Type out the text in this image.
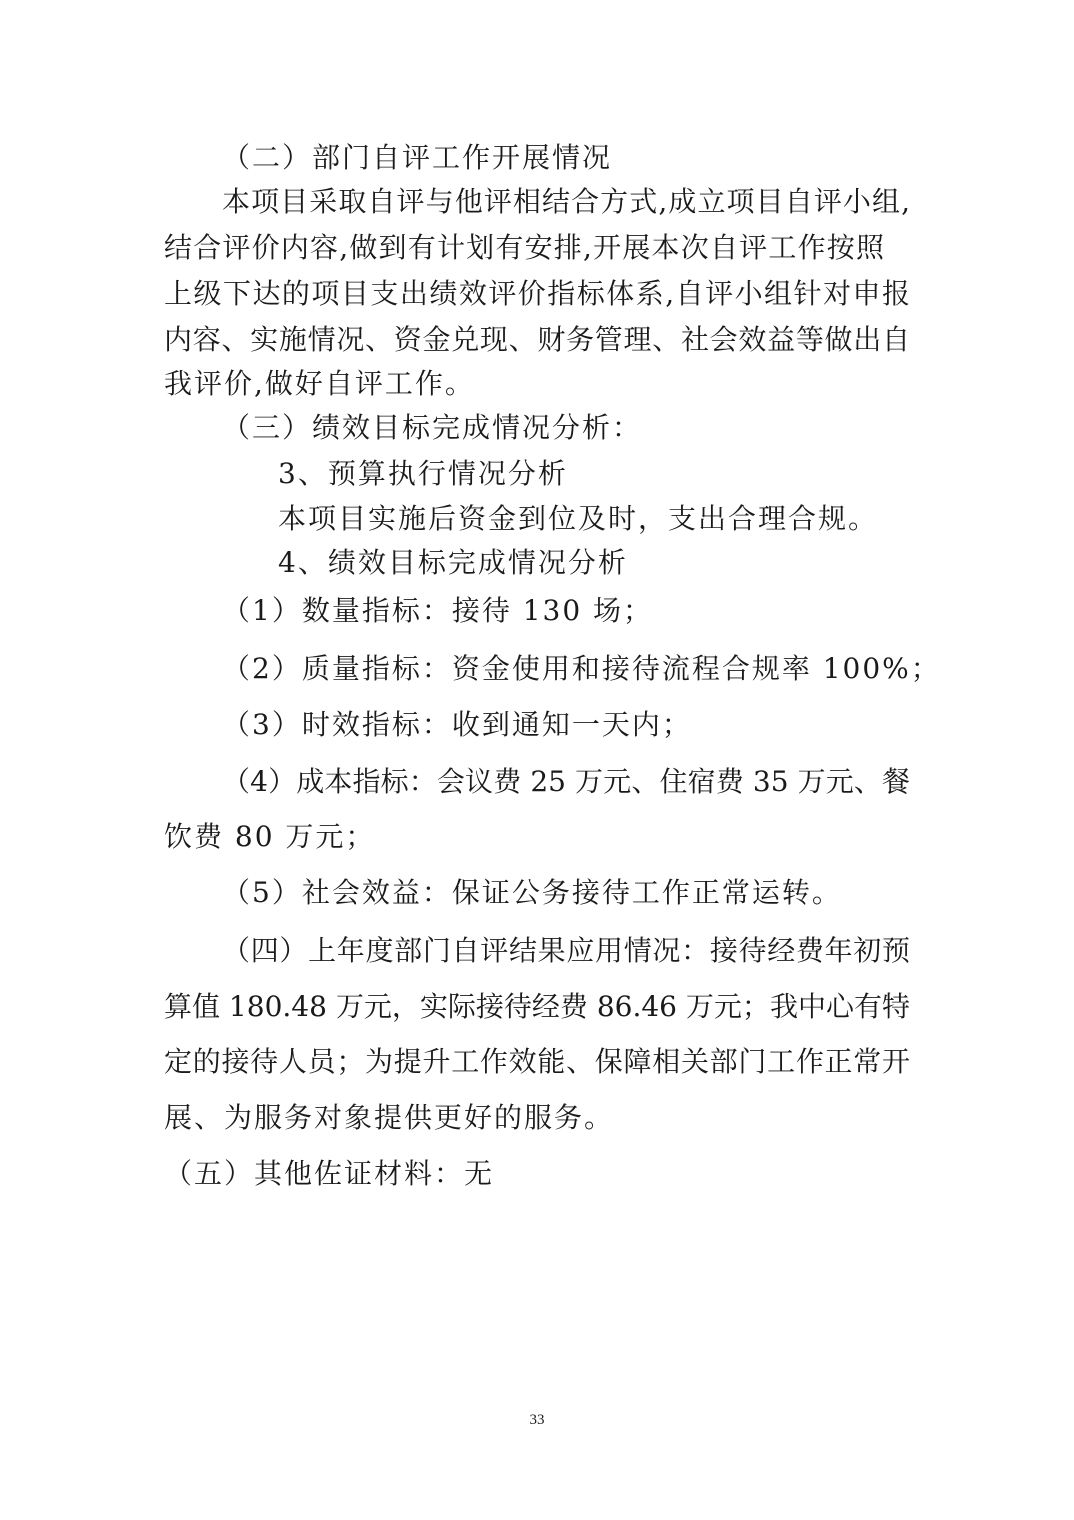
（二）部门自评工作开展情况
本项目采取自评与他评相结合方式,成立项目自评小组,
结合评价内容,做到有计划有安排,开展本次自评工作按照
上级下达的项目支出绩效评价指标体系,自评小组针对申报
内容、实施情况、资金兑现、财务管理、社会效益等做出自
我评价,做好自评工作。
（三）绩效目标完成情况分析：
3、预算执行情况分析
本项目实施后资金到位及时，支出合理合规。
4、绩效目标完成情况分析
（1）数量指标：接待 130 场；
（2）质量指标：资金使用和接待流程合规率 100%；
（3）时效指标：收到通知一天内；
（4）成本指标：会议费 25 万元、住宿费 35 万元、餐
饮费 80 万元；
（5）社会效益：保证公务接待工作正常运转。
（四）上年度部门自评结果应用情况：接待经费年初预
算值 180.48 万元，实际接待经费 86.46 万元；我中心有特
定的接待人员；为提升工作效能、保障相关部门工作正常开
展、为服务对象提供更好的服务。
（五）其他佐证材料：无
33
